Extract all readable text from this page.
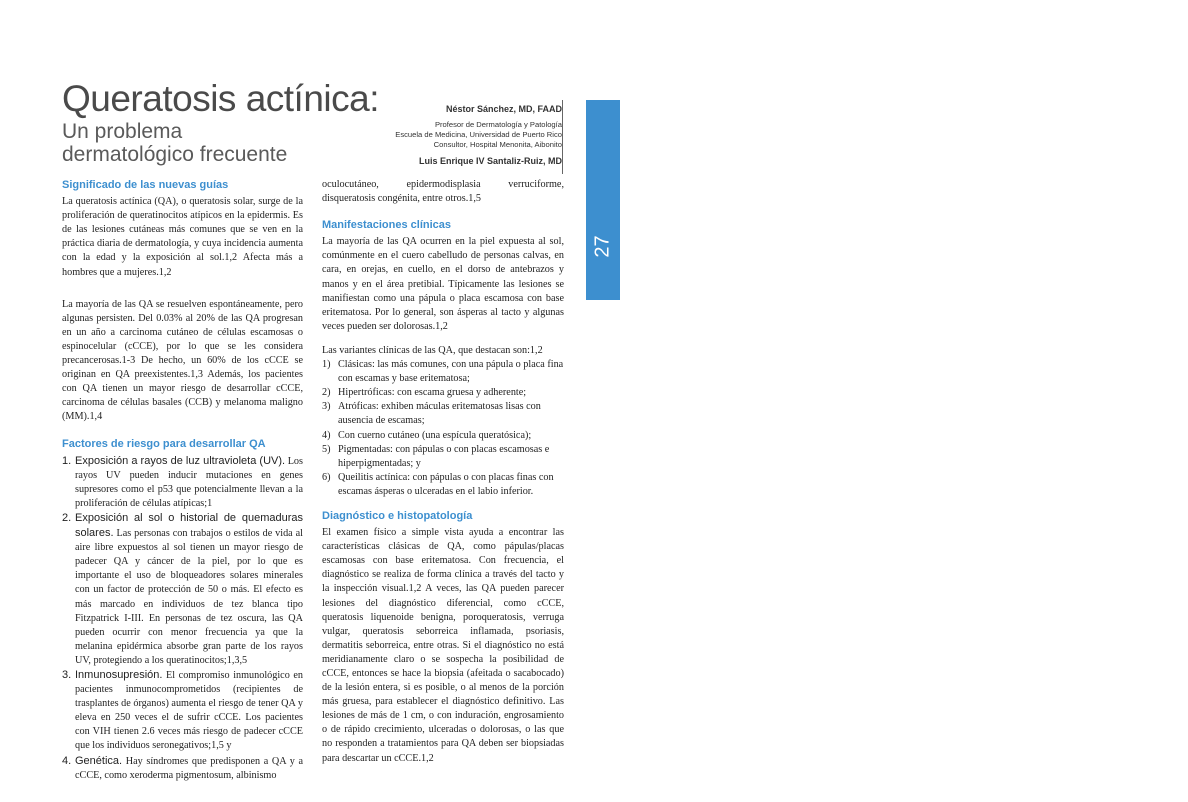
Queratosis actínica:
Un problema
dermatológico frecuente
Néstor Sánchez, MD, FAAD
Profesor de Dermatología y Patología
Escuela de Medicina, Universidad de Puerto Rico
Consultor, Hospital Menonita, Aibonito
Luis Enrique IV Santaliz-Ruiz, MD
GALENUS / QUERATOSIS ACTÍNICA
27
Significado de las nuevas guías

La queratosis actínica (QA), o queratosis solar, surge de la proliferación de queratinocitos atípicos en la epidermis. Es de las lesiones cutáneas más comunes que se ven en la práctica diaria de dermatología, y cuya incidencia aumenta con la edad y la exposición al sol.1,2 Afecta más a hombres que a mujeres.1,2

La mayoría de las QA se resuelven espontáneamente, pero algunas persisten. Del 0.03% al 20% de las QA progresan en un año a carcinoma cutáneo de células escamosas o espinocelular (cCCE), por lo que se les considera precancerosas.1-3 De hecho, un 60% de los cCCE se originan en QA preexistentes.1,3 Además, los pacientes con QA tienen un mayor riesgo de desarrollar cCCE, carcinoma de células basales (CCB) y melanoma maligno (MM).1,4

Factores de riesgo para desarrollar QA
1. Exposición a rayos de luz ultravioleta (UV). Los rayos UV pueden inducir mutaciones en genes supresores como el p53 que potencialmente llevan a la proliferación de células atípicas;1
2. Exposición al sol o historial de quemaduras solares. Las personas con trabajos o estilos de vida al aire libre expuestos al sol tienen un mayor riesgo de padecer QA y cáncer de la piel, por lo que es importante el uso de bloqueadores solares minerales con un factor de protección de 50 o más. El efecto es más marcado en individuos de tez blanca tipo Fitzpatrick I-III. En personas de tez oscura, las QA pueden ocurrir con menor frecuencia ya que la melanina epidérmica absorbe gran parte de los rayos UV, protegiendo a los queratinocitos;1,3,5
3. Inmunosupresión. El compromiso inmunológico en pacientes inmunocomprometidos (recipientes de trasplantes de órganos) aumenta el riesgo de tener QA y eleva en 250 veces el de sufrir cCCE. Los pacientes con VIH tienen 2.6 veces más riesgo de padecer cCCE que los individuos seronegativos;1,5 y
4. Genética. Hay síndromes que predisponen a QA y a cCCE, como xeroderma pigmentosum, albinismo

oculocutáneo, epidermodisplasia verruciforme, disqueratosis congénita, entre otros.1,5

Manifestaciones clínicas

La mayoría de las QA ocurren en la piel expuesta al sol, comúnmente en el cuero cabelludo de personas calvas, en cara, en orejas, en cuello, en el dorso de antebrazos y manos y en el área pretibial. Típicamente las lesiones se manifiestan como una pápula o placa escamosa con base eritematosa. Por lo general, son ásperas al tacto y algunas veces pueden ser dolorosas.1,2

Las variantes clínicas de las QA, que destacan son:1,2

1) Clásicas: las más comunes, con una pápula o placa fina con escamas y base eritematosa;
2) Hipertróficas: con escama gruesa y adherente;
3) Atróficas: exhiben máculas eritematosas lisas con ausencia de escamas;
4) Con cuerno cutáneo (una espícula queratósica);
5) Pigmentadas: con pápulas o con placas escamosas e hiperpigmentadas; y
6) Queilitis actínica: con pápulas o con placas finas con escamas ásperas o ulceradas en el labio inferior.
Diagnóstico e histopatología

El examen físico a simple vista ayuda a encontrar las características clásicas de QA, como pápulas/placas escamosas con base eritematosa. Con frecuencia, el diagnóstico se realiza de forma clínica a través del tacto y la inspección visual.1,2 A veces, las QA pueden parecer lesiones del diagnóstico diferencial, como cCCE, queratosis liquenoide benigna, poroqueratosis, verruga vulgar, queratosis seborreica inflamada, psoriasis, dermatitis seborreica, entre otras. Si el diagnóstico no está meridianamente claro o se sospecha la posibilidad de cCCE, entonces se hace la biopsia (afeitada o sacabocado) de la lesión entera, si es posible, o al menos de la porción más gruesa, para establecer el diagnóstico definitivo. Las lesiones de más de 1 cm, o con induración, engrosamiento o de rápido crecimiento, ulceradas o dolorosas, o las que no responden a tratamientos para QA deben ser biopsiadas para descartar un cCCE.1,2
